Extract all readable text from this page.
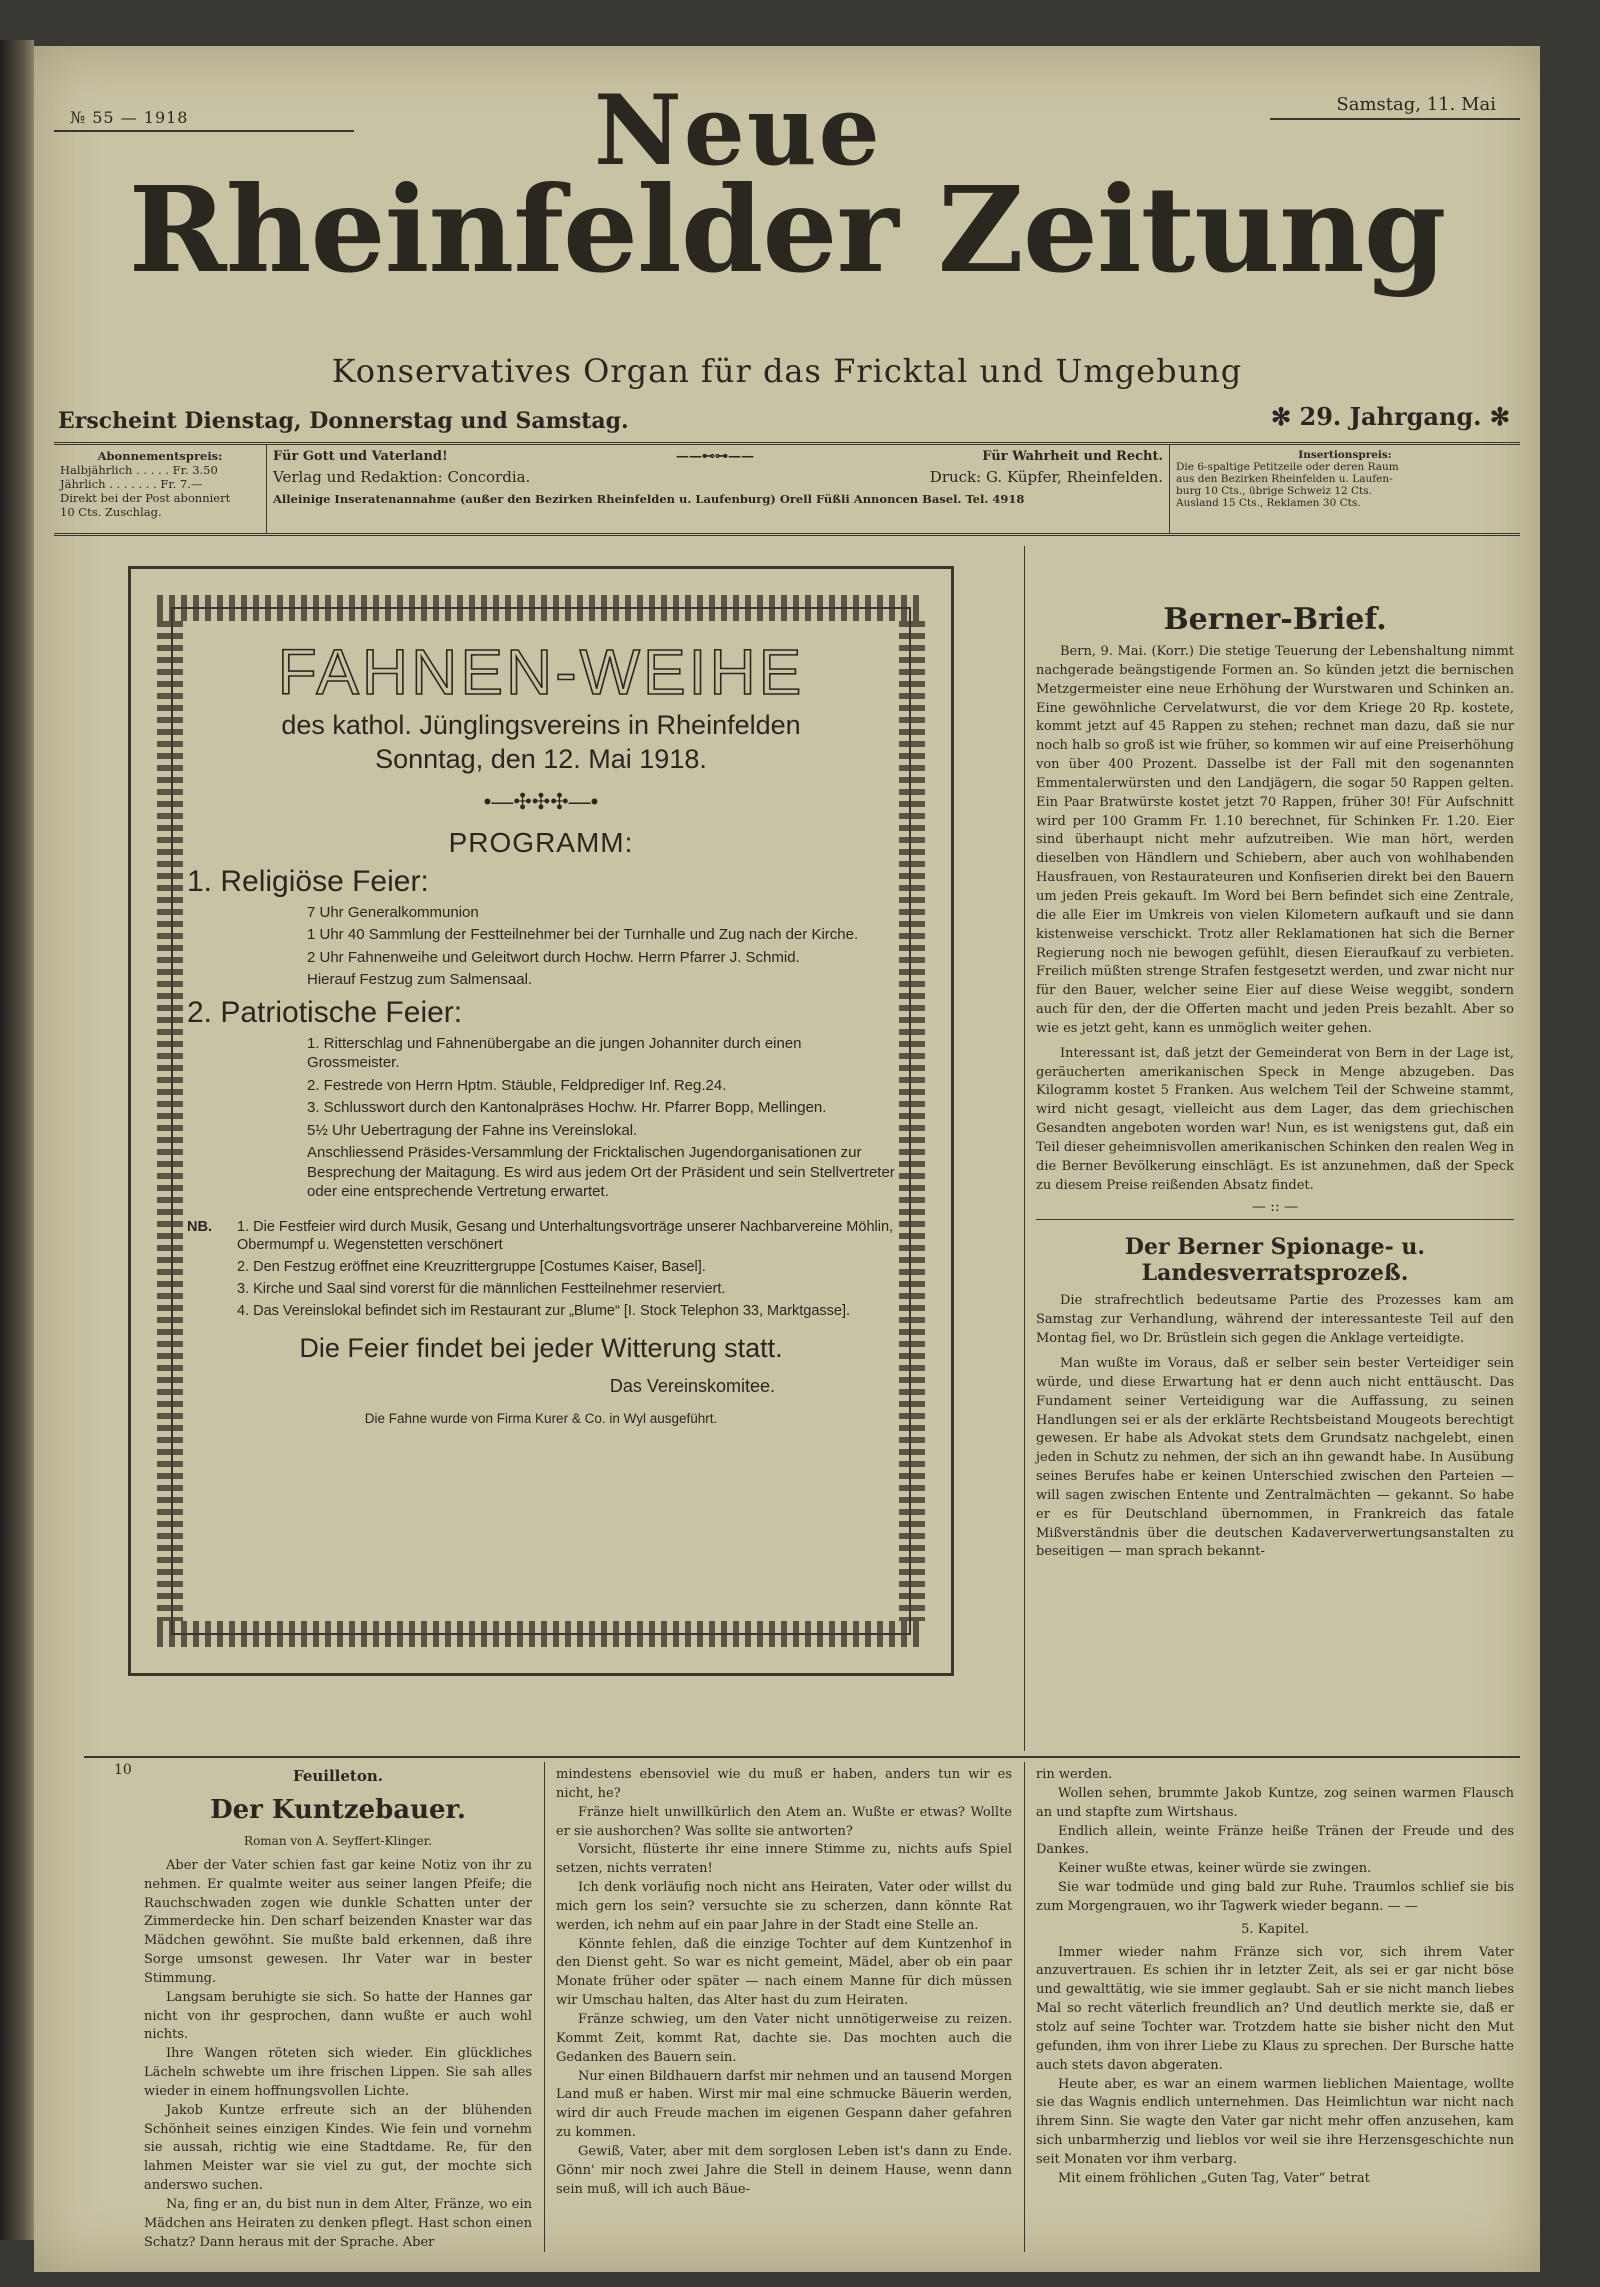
№ 55 — 1918
Samstag, 11. Mai
Neue
Rheinfelder Zeitung
Konservatives Organ für das Fricktal und Umgebung
Erscheint Dienstag, Donnerstag und Samstag.	✻ 29. Jahrgang. ✻
Abonnementspreis:
Halbjährlich . . . . . Fr. 3.50
Jährlich . . . . . . . Fr. 7.—
Direkt bei der Post abonniert
10 Cts. Zuschlag.
Für Gott und Vaterland!	——⊷⊶——	Für Wahrheit und Recht.
Verlag und Redaktion: Concordia.	Druck: G. Küpfer, Rheinfelden.
Alleinige Inseratenannahme (außer den Bezirken Rheinfelden u. Laufenburg) Orell Füßli Annoncen Basel. Tel. 4918
Insertionspreis:
Die 6-spaltige Petitzeile oder deren Raum
aus den Bezirken Rheinfelden u. Laufen-
burg 10 Cts., übrige Schweiz 12 Cts.
Ausland 15 Cts., Reklamen 30 Cts.
FAHNEN-WEIHE
des kathol. Jünglingsvereins in Rheinfelden
Sonntag, den 12. Mai 1918.
•—✣✣✣—•
PROGRAMM:
1. Religiöse Feier:
7 Uhr Generalkommunion
1 Uhr 40 Sammlung der Festteilnehmer bei der Turnhalle und Zug nach der Kirche.
2 Uhr Fahnenweihe und Geleitwort durch Hochw. Herrn Pfarrer J. Schmid.
Hierauf Festzug zum Salmensaal.
2. Patriotische Feier:
1. Ritterschlag und Fahnenübergabe an die jungen Johanniter durch einen Grossmeister.
2. Festrede von Herrn Hptm. Stäuble, Feldprediger Inf. Reg.24.
3. Schlusswort durch den Kantonalpräses Hochw. Hr. Pfarrer Bopp, Mellingen.
5½ Uhr Uebertragung der Fahne ins Vereinslokal.
Anschliessend Präsides-Versammlung der Fricktalischen Jugendorganisationen zur Besprechung der Maitagung. Es wird aus jedem Ort der Präsident und sein Stellvertreter oder eine entsprechende Vertretung erwartet.
NB.	1. Die Festfeier wird durch Musik, Gesang und Unterhaltungsvorträge unserer Nachbarvereine Möhlin, Obermumpf u. Wegenstetten verschönert
2. Den Festzug eröffnet eine Kreuzrittergruppe [Costumes Kaiser, Basel].
3. Kirche und Saal sind vorerst für die männlichen Festteilnehmer reserviert.
4. Das Vereinslokal befindet sich im Restaurant zur „Blume“ [I. Stock Telephon 33, Marktgasse].
Die Feier findet bei jeder Witterung statt.
Das Vereinskomitee.
Die Fahne wurde von Firma Kurer & Co. in Wyl ausgeführt.
Berner-Brief.

Bern, 9. Mai. (Korr.) Die stetige Teuerung der Lebenshaltung nimmt nachgerade beängstigende Formen an. So künden jetzt die bernischen Metzgermeister eine neue Erhöhung der Wurstwaren und Schinken an. Eine gewöhnliche Cervelatwurst, die vor dem Kriege 20 Rp. kostete, kommt jetzt auf 45 Rappen zu stehen; rechnet man dazu, daß sie nur noch halb so groß ist wie früher, so kommen wir auf eine Preiserhöhung von über 400 Prozent. Dasselbe ist der Fall mit den sogenannten Emmentalerwürsten und den Landjägern, die sogar 50 Rappen gelten. Ein Paar Bratwürste kostet jetzt 70 Rappen, früher 30! Für Aufschnitt wird per 100 Gramm Fr. 1.10 berechnet, für Schinken Fr. 1.20. Eier sind überhaupt nicht mehr aufzutreiben. Wie man hört, werden dieselben von Händlern und Schiebern, aber auch von wohlhabenden Hausfrauen, von Restaurateuren und Konfiserien direkt bei den Bauern um jeden Preis gekauft. Im Word bei Bern befindet sich eine Zentrale, die alle Eier im Umkreis von vielen Kilometern aufkauft und sie dann kistenweise verschickt. Trotz aller Reklamationen hat sich die Berner Regierung noch nie bewogen gefühlt, diesen Eieraufkauf zu verbieten. Freilich müßten strenge Strafen festgesetzt werden, und zwar nicht nur für den Bauer, welcher seine Eier auf diese Weise weggibt, sondern auch für den, der die Offerten macht und jeden Preis bezahlt. Aber so wie es jetzt geht, kann es unmöglich weiter gehen.

Interessant ist, daß jetzt der Gemeinderat von Bern in der Lage ist, geräucherten amerikanischen Speck in Menge abzugeben. Das Kilogramm kostet 5 Franken. Aus welchem Teil der Schweine stammt, wird nicht gesagt, vielleicht aus dem Lager, das dem griechischen Gesandten angeboten worden war! Nun, es ist wenigstens gut, daß ein Teil dieser geheimnisvollen amerikanischen Schinken den realen Weg in die Berner Bevölkerung einschlägt. Es ist anzunehmen, daß der Speck zu diesem Preise reißenden Absatz findet.

— :: —
Der Berner Spionage- u. Landesverratsprozeß.

Die strafrechtlich bedeutsame Partie des Prozesses kam am Samstag zur Verhandlung, während der interessanteste Teil auf den Montag fiel, wo Dr. Brüstlein sich gegen die Anklage verteidigte.

Man wußte im Voraus, daß er selber sein bester Verteidiger sein würde, und diese Erwartung hat er denn auch nicht enttäuscht. Das Fundament seiner Verteidigung war die Auffassung, zu seinen Handlungen sei er als der erklärte Rechtsbeistand Mougeots berechtigt gewesen. Er habe als Advokat stets dem Grundsatz nachgelebt, einen jeden in Schutz zu nehmen, der sich an ihn gewandt habe. In Ausübung seines Berufes habe er keinen Unterschied zwischen den Parteien — will sagen zwischen Entente und Zentralmächten — gekannt. So habe er es für Deutschland übernommen, in Frankreich das fatale Mißverständnis über die deutschen Kadaververwertungsanstalten zu beseitigen — man sprach bekannt-

10	Feuilleton.
Der Kuntzebauer.
Roman von A. Seyffert-Klinger.

Aber der Vater schien fast gar keine Notiz von ihr zu nehmen. Er qualmte weiter aus seiner langen Pfeife; die Rauchschwaden zogen wie dunkle Schatten unter der Zimmerdecke hin. Den scharf beizenden Knaster war das Mädchen gewöhnt. Sie mußte bald erkennen, daß ihre Sorge umsonst gewesen. Ihr Vater war in bester Stimmung.

Langsam beruhigte sie sich. So hatte der Hannes gar nicht von ihr gesprochen, dann wußte er auch wohl nichts.

Ihre Wangen röteten sich wieder. Ein glückliches Lächeln schwebte um ihre frischen Lippen. Sie sah alles wieder in einem hoffnungsvollen Lichte.

Jakob Kuntze erfreute sich an der blühenden Schönheit seines einzigen Kindes. Wie fein und vornehm sie aussah, richtig wie eine Stadtdame. Re, für den lahmen Meister war sie viel zu gut, der mochte sich anderswo suchen.

Na, fing er an, du bist nun in dem Alter, Fränze, wo ein Mädchen ans Heiraten zu denken pflegt. Hast schon einen Schatz? Dann heraus mit der Sprache. Aber

mindestens ebensoviel wie du muß er haben, anders tun wir es nicht, he?

Fränze hielt unwillkürlich den Atem an. Wußte er etwas? Wollte er sie aushorchen? Was sollte sie antworten?

Vorsicht, flüsterte ihr eine innere Stimme zu, nichts aufs Spiel setzen, nichts verraten!

Ich denk vorläufig noch nicht ans Heiraten, Vater oder willst du mich gern los sein? versuchte sie zu scherzen, dann könnte Rat werden, ich nehm auf ein paar Jahre in der Stadt eine Stelle an.

Könnte fehlen, daß die einzige Tochter auf dem Kuntzenhof in den Dienst geht. So war es nicht gemeint, Mädel, aber ob ein paar Monate früher oder später — nach einem Manne für dich müssen wir Umschau halten, das Alter hast du zum Heiraten.

Fränze schwieg, um den Vater nicht unnötigerweise zu reizen. Kommt Zeit, kommt Rat, dachte sie. Das mochten auch die Gedanken des Bauern sein.

Nur einen Bildhauern darfst mir nehmen und an tausend Morgen Land muß er haben. Wirst mir mal eine schmucke Bäuerin werden, wird dir auch Freude machen im eigenen Gespann daher gefahren zu kommen.

Gewiß, Vater, aber mit dem sorglosen Leben ist's dann zu Ende. Gönn' mir noch zwei Jahre die Stell in deinem Hause, wenn dann sein muß, will ich auch Bäue-

rin werden.

Wollen sehen, brummte Jakob Kuntze, zog seinen warmen Flausch an und stapfte zum Wirtshaus.

Endlich allein, weinte Fränze heiße Tränen der Freude und des Dankes.

Keiner wußte etwas, keiner würde sie zwingen.

Sie war todmüde und ging bald zur Ruhe. Traumlos schlief sie bis zum Morgengrauen, wo ihr Tagwerk wieder begann. — —

5. Kapitel.

Immer wieder nahm Fränze sich vor, sich ihrem Vater anzuvertrauen. Es schien ihr in letzter Zeit, als sei er gar nicht böse und gewalttätig, wie sie immer geglaubt. Sah er sie nicht manch liebes Mal so recht väterlich freundlich an? Und deutlich merkte sie, daß er stolz auf seine Tochter war. Trotzdem hatte sie bisher nicht den Mut gefunden, ihm von ihrer Liebe zu Klaus zu sprechen. Der Bursche hatte auch stets davon abgeraten.

Heute aber, es war an einem warmen lieblichen Maientage, wollte sie das Wagnis endlich unternehmen. Das Heimlichtun war nicht nach ihrem Sinn. Sie wagte den Vater gar nicht mehr offen anzusehen, kam sich unbarmherzig und lieblos vor weil sie ihre Herzensgeschichte nun seit Monaten vor ihm verbarg.

Mit einem fröhlichen „Guten Tag, Vater“ betrat
